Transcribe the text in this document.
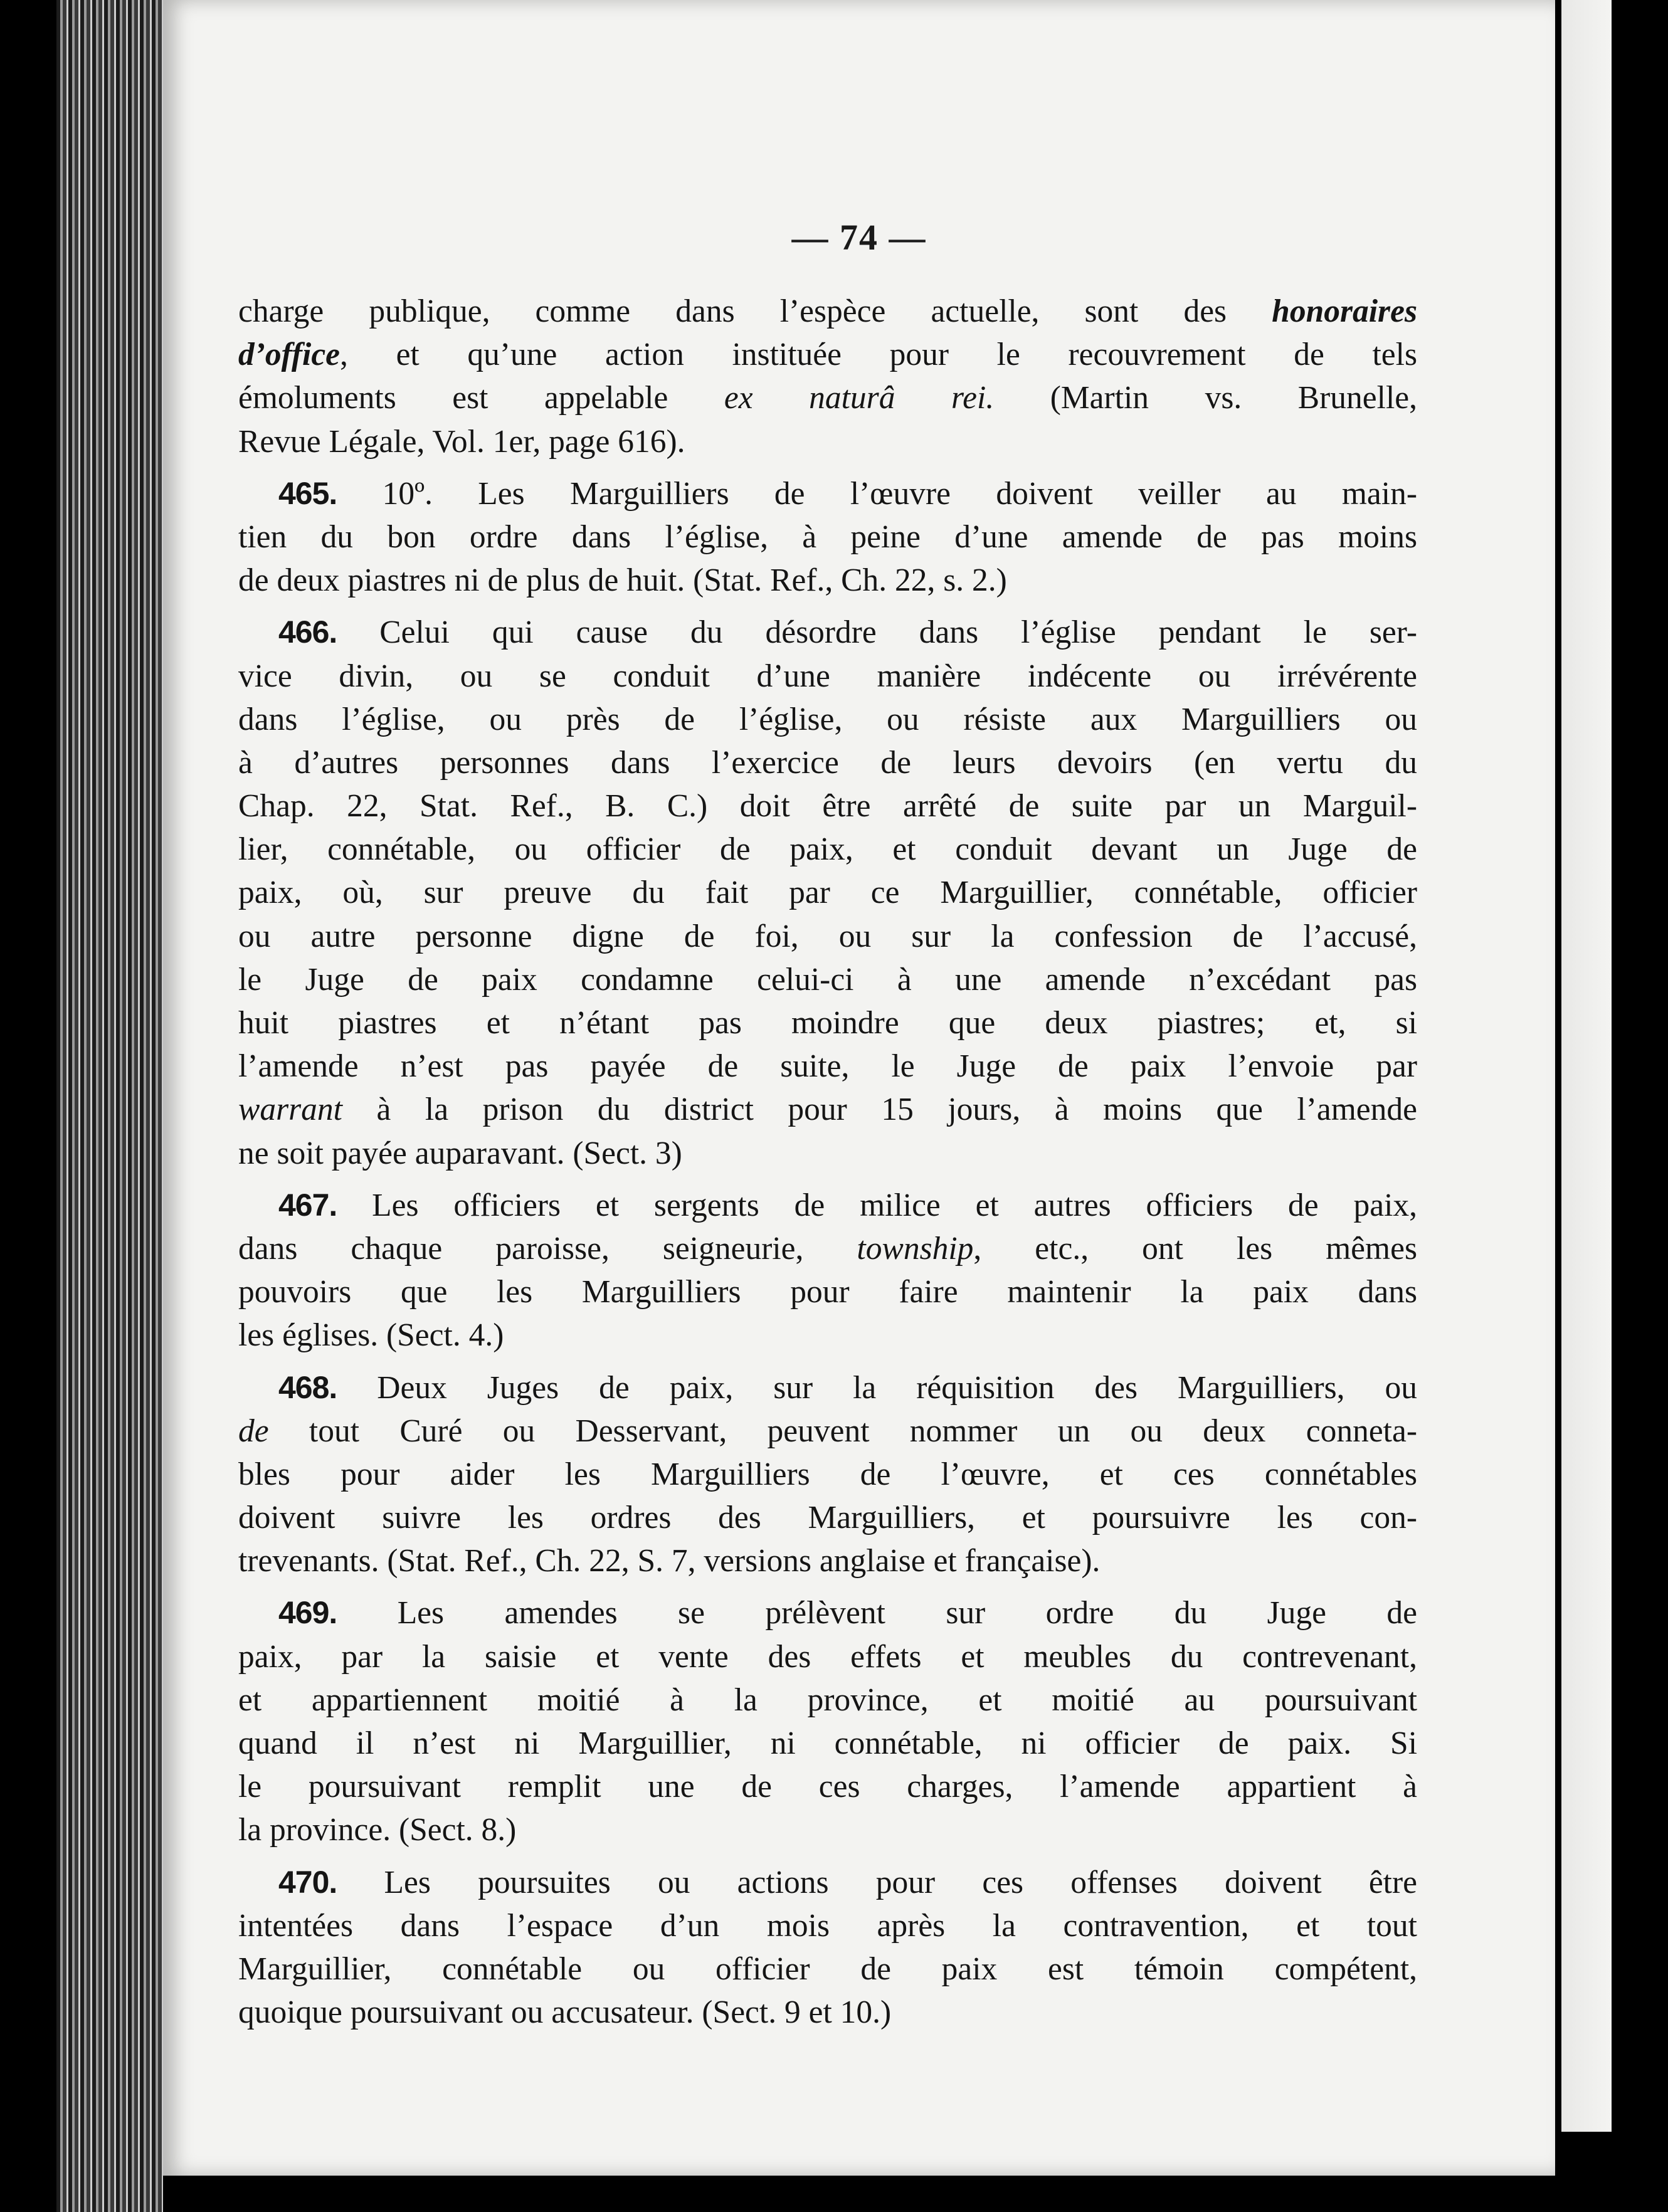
— 74 —
charge publique, comme dans l’espèce actuelle, sont des honoraires
d’office, et qu’une action instituée pour le recouvrement de tels
émoluments est appelable ex naturâ rei. (Martin vs. Brunelle,
Revue Légale, Vol. 1er, page 616).
465. 10º. Les Marguilliers de l’œuvre doivent veiller au main-
tien du bon ordre dans l’église, à peine d’une amende de pas moins
de deux piastres ni de plus de huit. (Stat. Ref., Ch. 22, s. 2.)
466. Celui qui cause du désordre dans l’église pendant le ser-
vice divin, ou se conduit d’une manière indécente ou irrévérente
dans l’église, ou près de l’église, ou résiste aux Marguilliers ou
à d’autres personnes dans l’exercice de leurs devoirs (en vertu du
Chap. 22, Stat. Ref., B. C.) doit être arrêté de suite par un Marguil-
lier, connétable, ou officier de paix, et conduit devant un Juge de
paix, où, sur preuve du fait par ce Marguillier, connétable, officier
ou autre personne digne de foi, ou sur la confession de l’accusé,
le Juge de paix condamne celui-ci à une amende n’excédant pas
huit piastres et n’étant pas moindre que deux piastres; et, si
l’amende n’est pas payée de suite, le Juge de paix l’envoie par
warrant à la prison du district pour 15 jours, à moins que l’amende
ne soit payée auparavant. (Sect. 3)
467. Les officiers et sergents de milice et autres officiers de paix,
dans chaque paroisse, seigneurie, township, etc., ont les mêmes
pouvoirs que les Marguilliers pour faire maintenir la paix dans
les églises. (Sect. 4.)
468. Deux Juges de paix, sur la réquisition des Marguilliers, ou
de tout Curé ou Desservant, peuvent nommer un ou deux conneta-
bles pour aider les Marguilliers de l’œuvre, et ces connétables
doivent suivre les ordres des Marguilliers, et poursuivre les con-
trevenants. (Stat. Ref., Ch. 22, S. 7, versions anglaise et française).
469. Les amendes se prélèvent sur ordre du Juge de
paix, par la saisie et vente des effets et meubles du contrevenant,
et appartiennent moitié à la province, et moitié au poursuivant
quand il n’est ni Marguillier, ni connétable, ni officier de paix. Si
le poursuivant remplit une de ces charges, l’amende appartient à
la province. (Sect. 8.)
470. Les poursuites ou actions pour ces offenses doivent être
intentées dans l’espace d’un mois après la contravention, et tout
Marguillier, connétable ou officier de paix est témoin compétent,
quoique poursuivant ou accusateur. (Sect. 9 et 10.)
